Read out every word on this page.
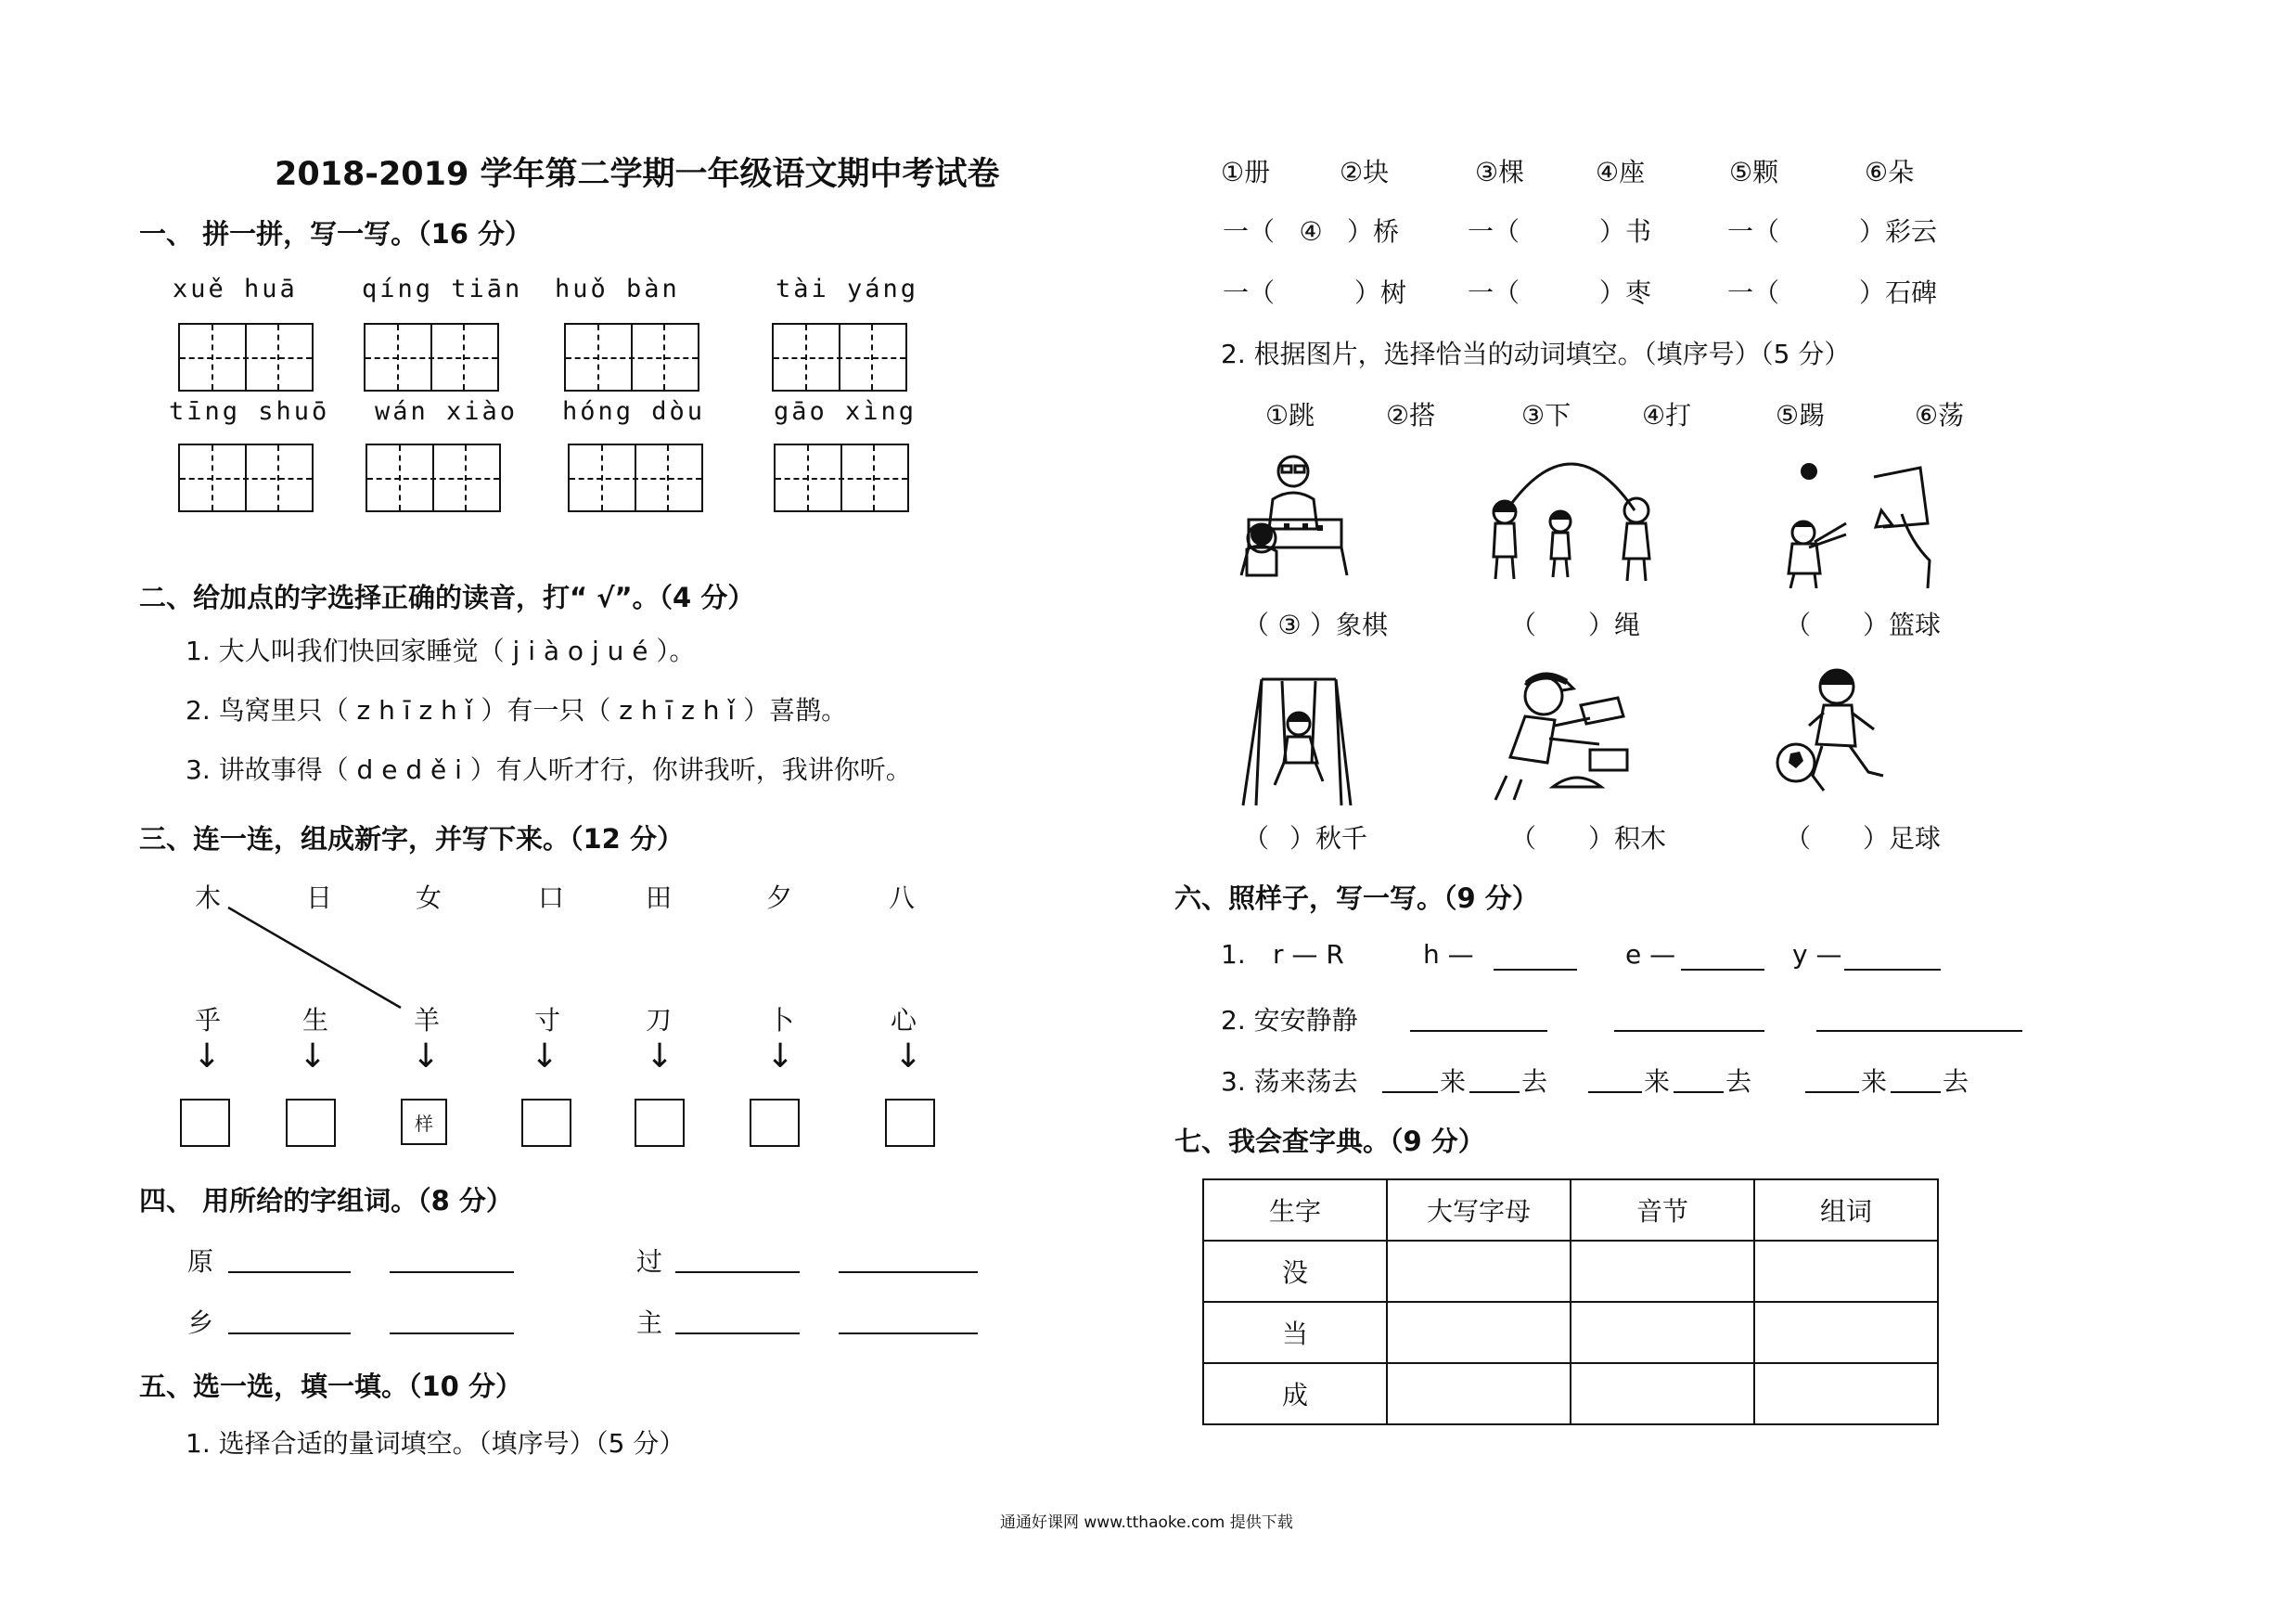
2018-2019 学年第二学期一年级语文期中考试卷
一、 拼一拼，写一写。（16 分）
xuě huā	qíng tiān huǒ bàn	tài yáng
tīng shuō wán xiào hóng dòu	gāo xìng
二、给加点的字选择正确的读音，打“ √”。（4 分）
1. 大人叫我们快回家睡觉（ j i à o j u é ）。
2. 鸟窝里只（ z h ī z h ǐ ）有一只（ z h ī z h ǐ ）喜鹊。
3. 讲故事得（ d e d ě i ）有人听才行，你讲我听，我讲你听。
三、连一连，组成新字，并写下来。（12 分）
木	日	女	口	田	夕	八
乎	生	羊	寸	刀	卜	心
↓ ↓	↓	↓	↓	↓	↓
样
四、 用所给的字组词。（8 分）
原	过
乡	主
五、选一选，填一填。（10 分）
1. 选择合适的量词填空。（填序号）（5 分）
①册	②块	③棵	④座	⑤颗	⑥朵
一（ ④ ）桥	一（	）书	一（	）彩云
一（	）树 一（	）枣	一（	）石碑
2. 根据图片，选择恰当的动词填空。（填序号）（5 分）
①跳	②搭	③下	④打	⑤踢	⑥荡
（ ③ ）象棋	（ ）绳	（ ）篮球
（ ）秋千	（ ）积木	（ ）足球
六、照样子，写一写。（9 分）
1. r — R	h —	e —	y —
2. 安安静静
3. 荡来荡去	来 去	来 去	来 去
七、我会查字典。（9 分）
生字	大写字母	音节	组词
没			
当			
成			
通通好课网 www.tthaoke.com 提供下载
